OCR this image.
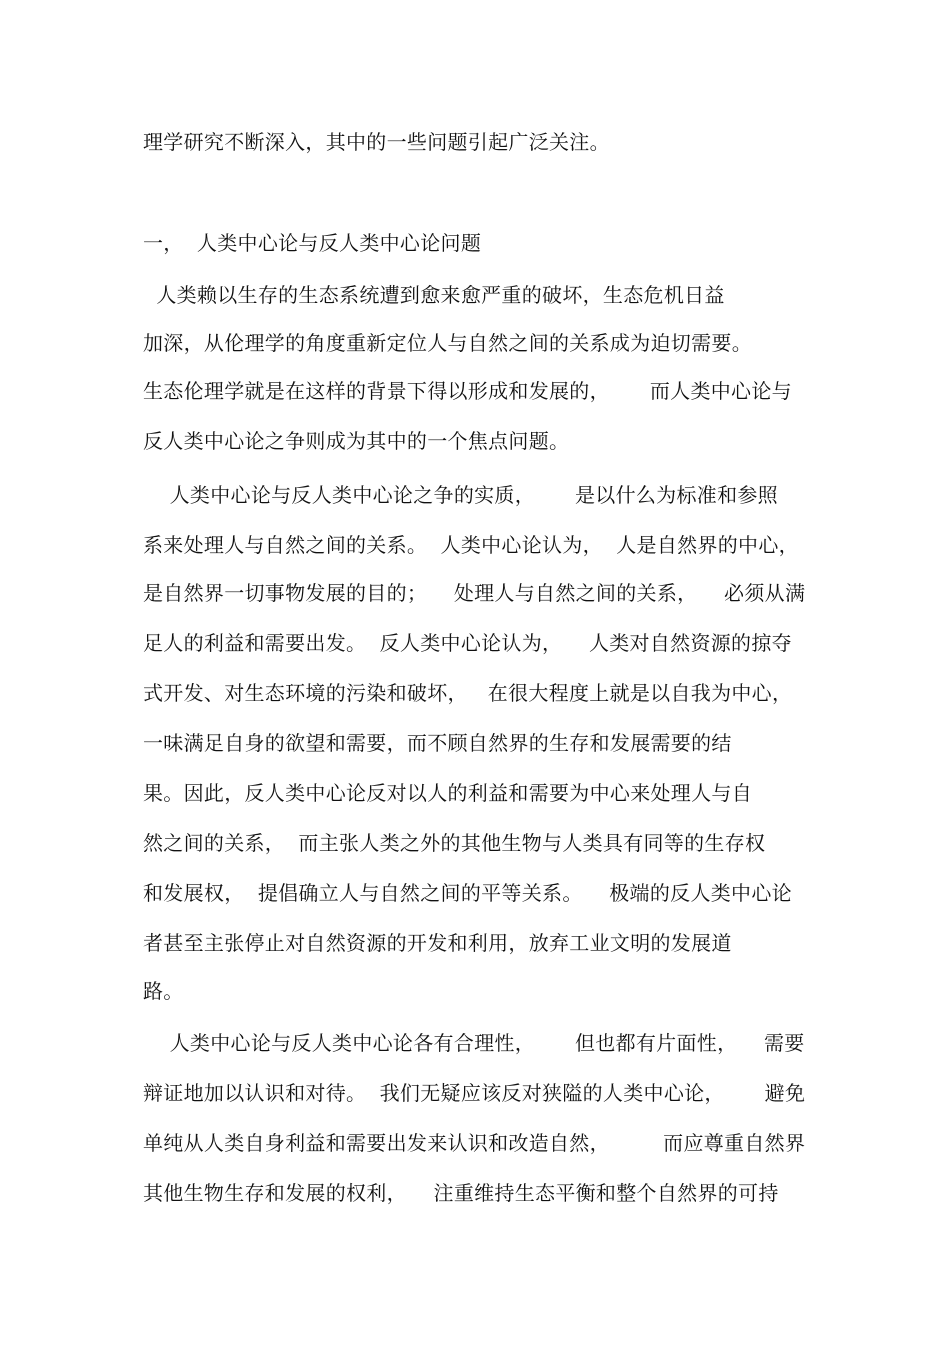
理学研究不断深入，其中的一些问题引起广泛关注。
一，  人类中心论与反人类中心论问题
人类赖以生存的生态系统遭到愈来愈严重的破坏，生态危机日益
加深，从伦理学的角度重新定位人与自然之间的关系成为迫切需要。
生态伦理学就是在这样的背景下得以形成和发展的，      而人类中心论与
反人类中心论之争则成为其中的一个焦点问题。
人类中心论与反人类中心论之争的实质，      是以什么为标准和参照
系来处理人与自然之间的关系。  人类中心论认为，  人是自然界的中心，
是自然界一切事物发展的目的；    处理人与自然之间的关系，    必须从满
足人的利益和需要出发。  反人类中心论认为，    人类对自然资源的掠夺
式开发、对生态环境的污染和破坏，   在很大程度上就是以自我为中心，
一味满足自身的欲望和需要，而不顾自然界的生存和发展需要的结
果。因此，反人类中心论反对以人的利益和需要为中心来处理人与自
然之间的关系，  而主张人类之外的其他生物与人类具有同等的生存权
和发展权，  提倡确立人与自然之间的平等关系。    极端的反人类中心论
者甚至主张停止对自然资源的开发和利用，放弃工业文明的发展道
路。
人类中心论与反人类中心论各有合理性，      但也都有片面性，    需要
辩证地加以认识和对待。  我们无疑应该反对狭隘的人类中心论，      避免
单纯从人类自身利益和需要出发来认识和改造自然，        而应尊重自然界
其他生物生存和发展的权利，    注重维持生态平衡和整个自然界的可持
